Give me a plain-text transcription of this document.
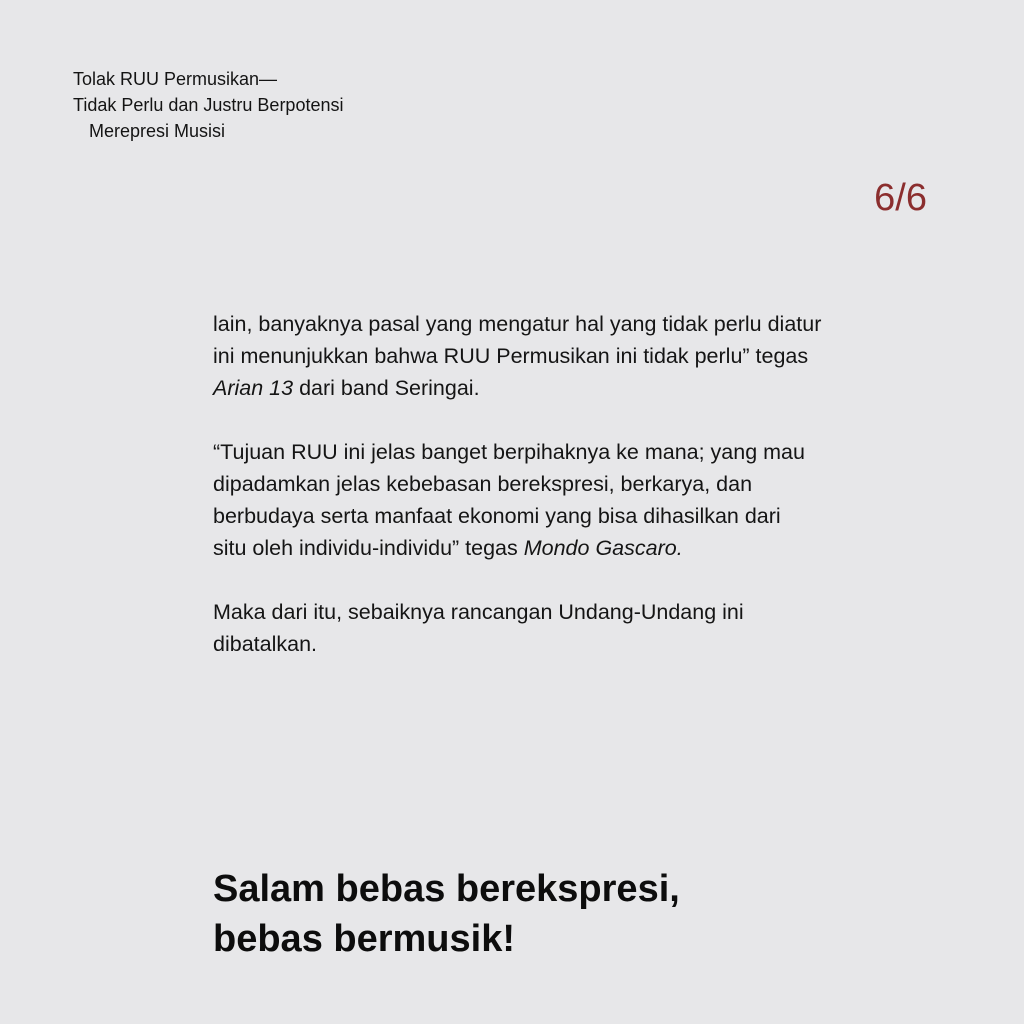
Tolak RUU Permusikan—
Tidak Perlu dan Justru Berpotensi
Merepresi Musisi
6/6

lain, banyaknya pasal yang mengatur hal yang tidak perlu diatur
ini menunjukkan bahwa RUU Permusikan ini tidak perlu” tegas
Arian 13 dari band Seringai.

“Tujuan RUU ini jelas banget berpihaknya ke mana; yang mau
dipadamkan jelas kebebasan berekspresi, berkarya, dan
berbudaya serta manfaat ekonomi yang bisa dihasilkan dari
situ oleh individu-individu” tegas Mondo Gascaro.

Maka dari itu, sebaiknya rancangan Undang-Undang ini
dibatalkan.

Salam bebas berekspresi,
bebas bermusik!
